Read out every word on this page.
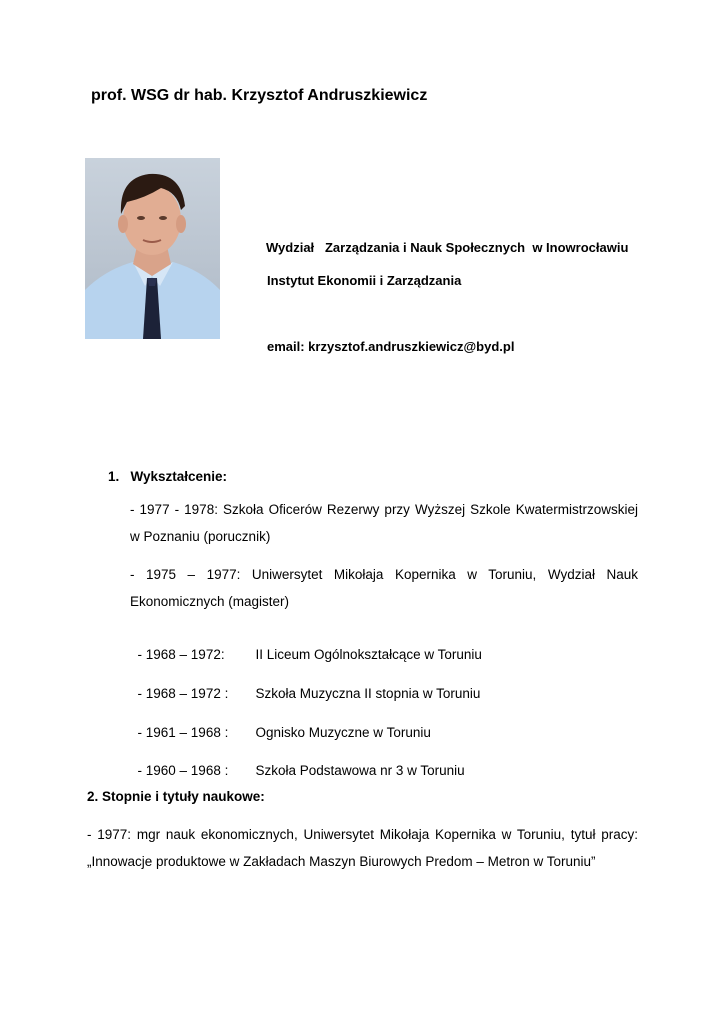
prof. WSG dr hab. Krzysztof Andruszkiewicz
Wydział   Zarządzania i Nauk Społecznych  w Inowrocławiu
Instytut Ekonomii i Zarządzania
email: krzysztof.andruszkiewicz@byd.pl
1.   Wykształcenie:
- 1977 - 1978: Szkoła Oficerów Rezerwy przy Wyższej Szkole Kwatermistrzowskiej w Poznaniu (porucznik)
- 1975 – 1977: Uniwersytet Mikołaja Kopernika w Toruniu, Wydział Nauk Ekonomicznych (magister)

- 1968 – 1972: II Liceum Ogólnokształcące w Toruniu

- 1968 – 1972 : Szkoła Muzyczna II stopnia w Toruniu

- 1961 – 1968 : Ognisko Muzyczne w Toruniu

- 1960 – 1968 : Szkoła Podstawowa nr 3 w Toruniu

2. Stopnie i tytuły naukowe:
- 1977: mgr nauk ekonomicznych, Uniwersytet Mikołaja Kopernika w Toruniu, tytuł pracy: „Innowacje produktowe w Zakładach Maszyn Biurowych Predom – Metron w Toruniu”
